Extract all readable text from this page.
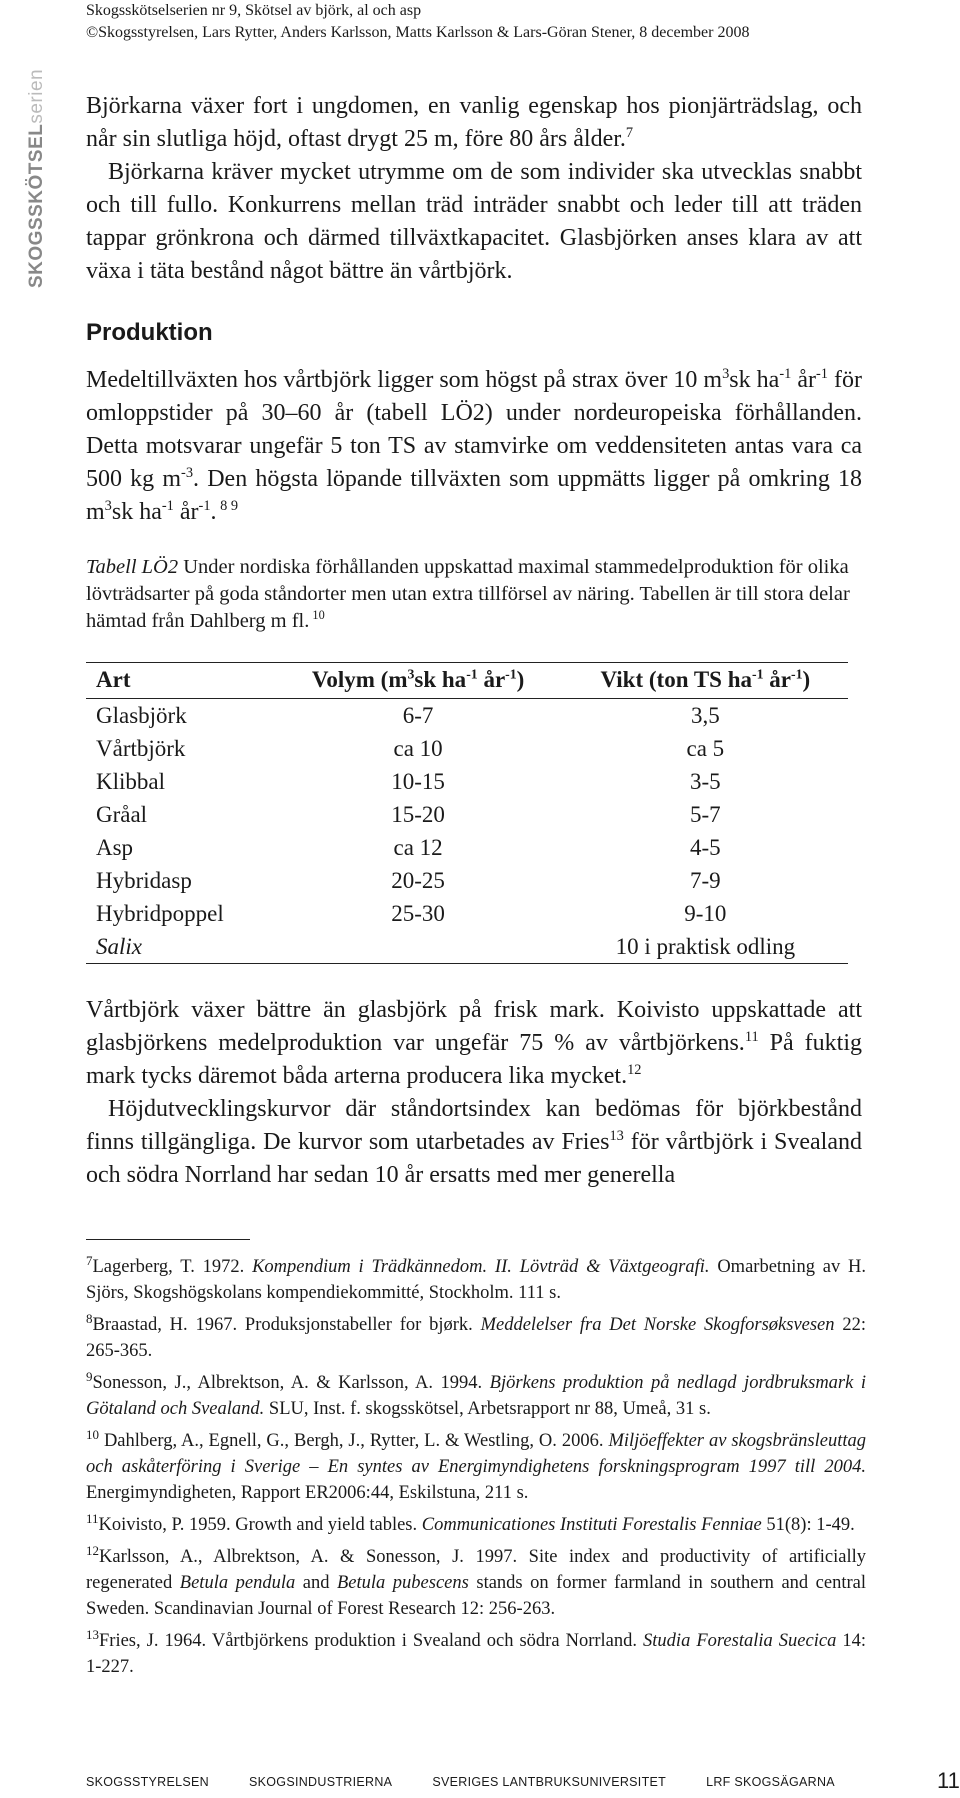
Skogsskötselserien nr 9, Skötsel av björk, al och asp
©Skogsstyrelsen, Lars Rytter, Anders Karlsson, Matts Karlsson & Lars-Göran Stener, 8 december 2008
SKOGSSKÖTSELserien Björkarna växer fort i ungdomen, en vanlig egenskap hos pionjärträdslag, och når sin slutliga höjd, oftast drygt 25 m, före 80 års ålder.$^7$
Björkarna kräver mycket utrymme om de som individer ska utvecklas snabbt och till fullo. Konkurrens mellan träd inträder snabbt och leder till att träden tappar grönkrona och därmed tillväxtkapacitet. Glasbjörken anses klara av att växa i täta bestånd något bättre än vårtbjörk.

Produktion

Medeltillväxten hos vårtbjörk ligger som högst på strax över 10 $m^3sk$ $ha^{-1}$ $år^{-1}$ för omloppstider på 30–60 år (tabell LÖ2) under nordeuropeiska förhållanden. Detta motsvarar ungefär 5 ton TS av stamvirke om veddensiteten antas vara ca 500 kg $m^{-3}$. Den högsta löpande tillväxten som uppmätts ligger på omkring 18 $m^3sk$ $ha^{-1}$ $år^{-1}$. $^{8 9}$

Tabell LÖ2 Under nordiska förhållanden uppskattad maximal stammedelproduktion för olika lövträdsarter på goda ståndorter men utan extra tillförsel av näring. Tabellen är till stora delar hämtad från Dahlberg m fl. $^{10}$
Art	Volym ($m^3sk$ $ha^{-1}$ $år^{-1}$)	Vikt (ton TS $ha^{-1}$ $år^{-1}$)
Glasbjörk	6-7	3,5
Vårtbjörk	ca 10	ca 5
Klibbal	10-15	3-5
Gråal	15-20	5-7
Asp	ca 12	4-5
Hybridasp	20-25	7-9
Hybridpoppel	25-30	9-10
Salix		10 i praktisk odling

Vårtbjörk växer bättre än glasbjörk på frisk mark. Koivisto uppskattade att glasbjörkens medelproduktion var ungefär 75 % av vårtbjörkens.$^{11}$ På fuktig mark tycks däremot båda arterna producera lika mycket.$^{12}$
Höjdutvecklingskurvor där ståndortsindex kan bedömas för björkbestånd finns tillgängliga. De kurvor som utarbetades av Fries$^{13}$ för vårtbjörk i Svealand och södra Norrland har sedan 10 år ersatts med mer generella

$^7$Lagerberg, T. 1972. Kompendium i Trädkännedom. II. Lövträd & Växtgeografi. Omarbetning av H. Sjörs, Skogshögskolans kompendiekommitté, Stockholm. 111 s.

$^8$Braastad, H. 1967. Produksjonstabeller for bjørk. Meddelelser fra Det Norske Skogforsøksvesen 22: 265-365.

$^9$Sonesson, J., Albrektson, A. & Karlsson, A. 1994. Björkens produktion på nedlagd jordbruksmark i Götaland och Svealand. SLU, Inst. f. skogsskötsel, Arbetsrapport nr 88, Umeå, 31 s.

$^{10}$ Dahlberg, A., Egnell, G., Bergh, J., Rytter, L. & Westling, O. 2006. Miljöeffekter av skogsbränsleuttag och askåterföring i Sverige – En syntes av Energimyndighetens forskningsprogram 1997 till 2004. Energimyndigheten, Rapport ER2006:44, Eskilstuna, 211 s.

$^{11}$Koivisto, P. 1959. Growth and yield tables. Communicationes Instituti Forestalis Fenniae 51(8): 1-49.

$^{12}$Karlsson, A., Albrektson, A. & Sonesson, J. 1997. Site index and productivity of artificially regenerated Betula pendula and Betula pubescens stands on former farmland in southern and central Sweden. Scandinavian Journal of Forest Research 12: 256-263.

$^{13}$Fries, J. 1964. Vårtbjörkens produktion i Svealand och södra Norrland. Studia Forestalia Suecica 14: 1-227.

SKOGSSTYRELSEN	SKOGSINDUSTRIERNA	SVERIGES LANTBRUKSUNIVERSITET	LRF SKOGSÄGARNA	11
